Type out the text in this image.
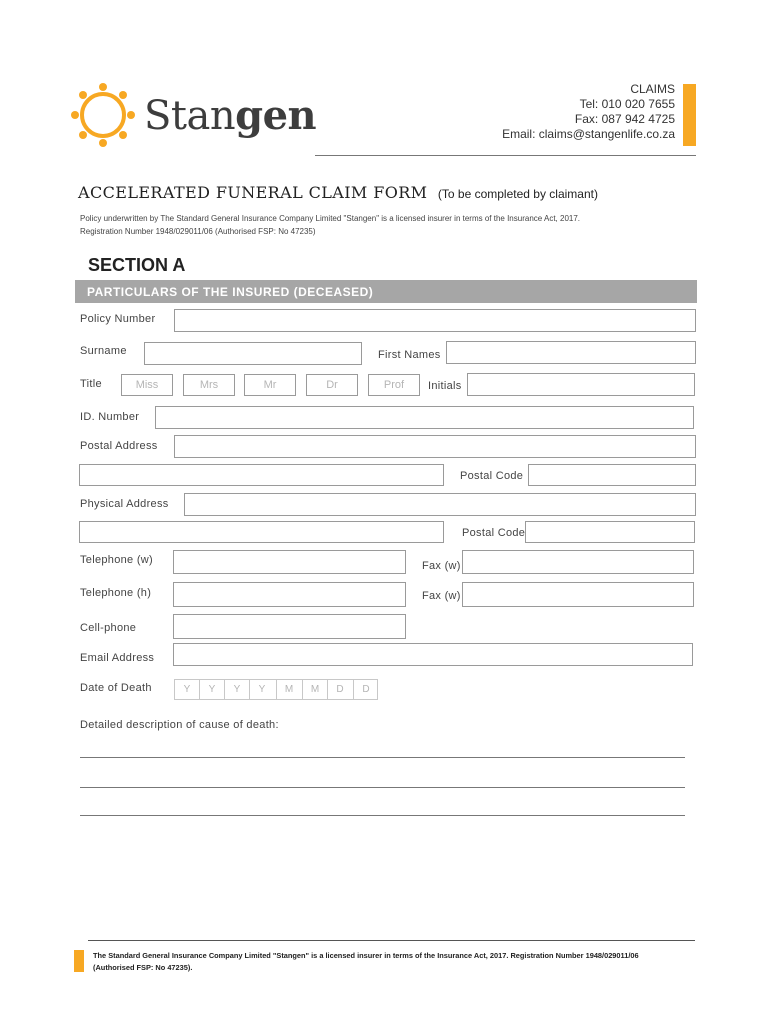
Stangen
CLAIMS
Tel: 010 020 7655
Fax: 087 942 4725
Email: claims@stangenlife.co.za
ACCELERATED FUNERAL CLAIM FORM (To be completed by claimant)
Policy underwritten by The Standard General Insurance Company Limited "Stangen" is a licensed insurer in terms of the Insurance Act, 2017.
Registration Number 1948/029011/06 (Authorised FSP: No 47235)
SECTION A
PARTICULARS OF THE INSURED (DECEASED)
Policy Number
Surname	First Names
Title	Miss	Mrs	Mr	Dr	Prof	Initials
ID. Number
Postal Address
Postal Code
Physical Address
Postal Code
Telephone (w)	Fax (w)
Telephone (h)	Fax (w)
Cell-phone
Email Address
Date of Death	Y	Y	Y	Y	M	M	D	D
Detailed description of cause of death:
The Standard General Insurance Company Limited "Stangen" is a licensed insurer in terms of the Insurance Act, 2017. Registration Number 1948/029011/06
(Authorised FSP: No 47235).
